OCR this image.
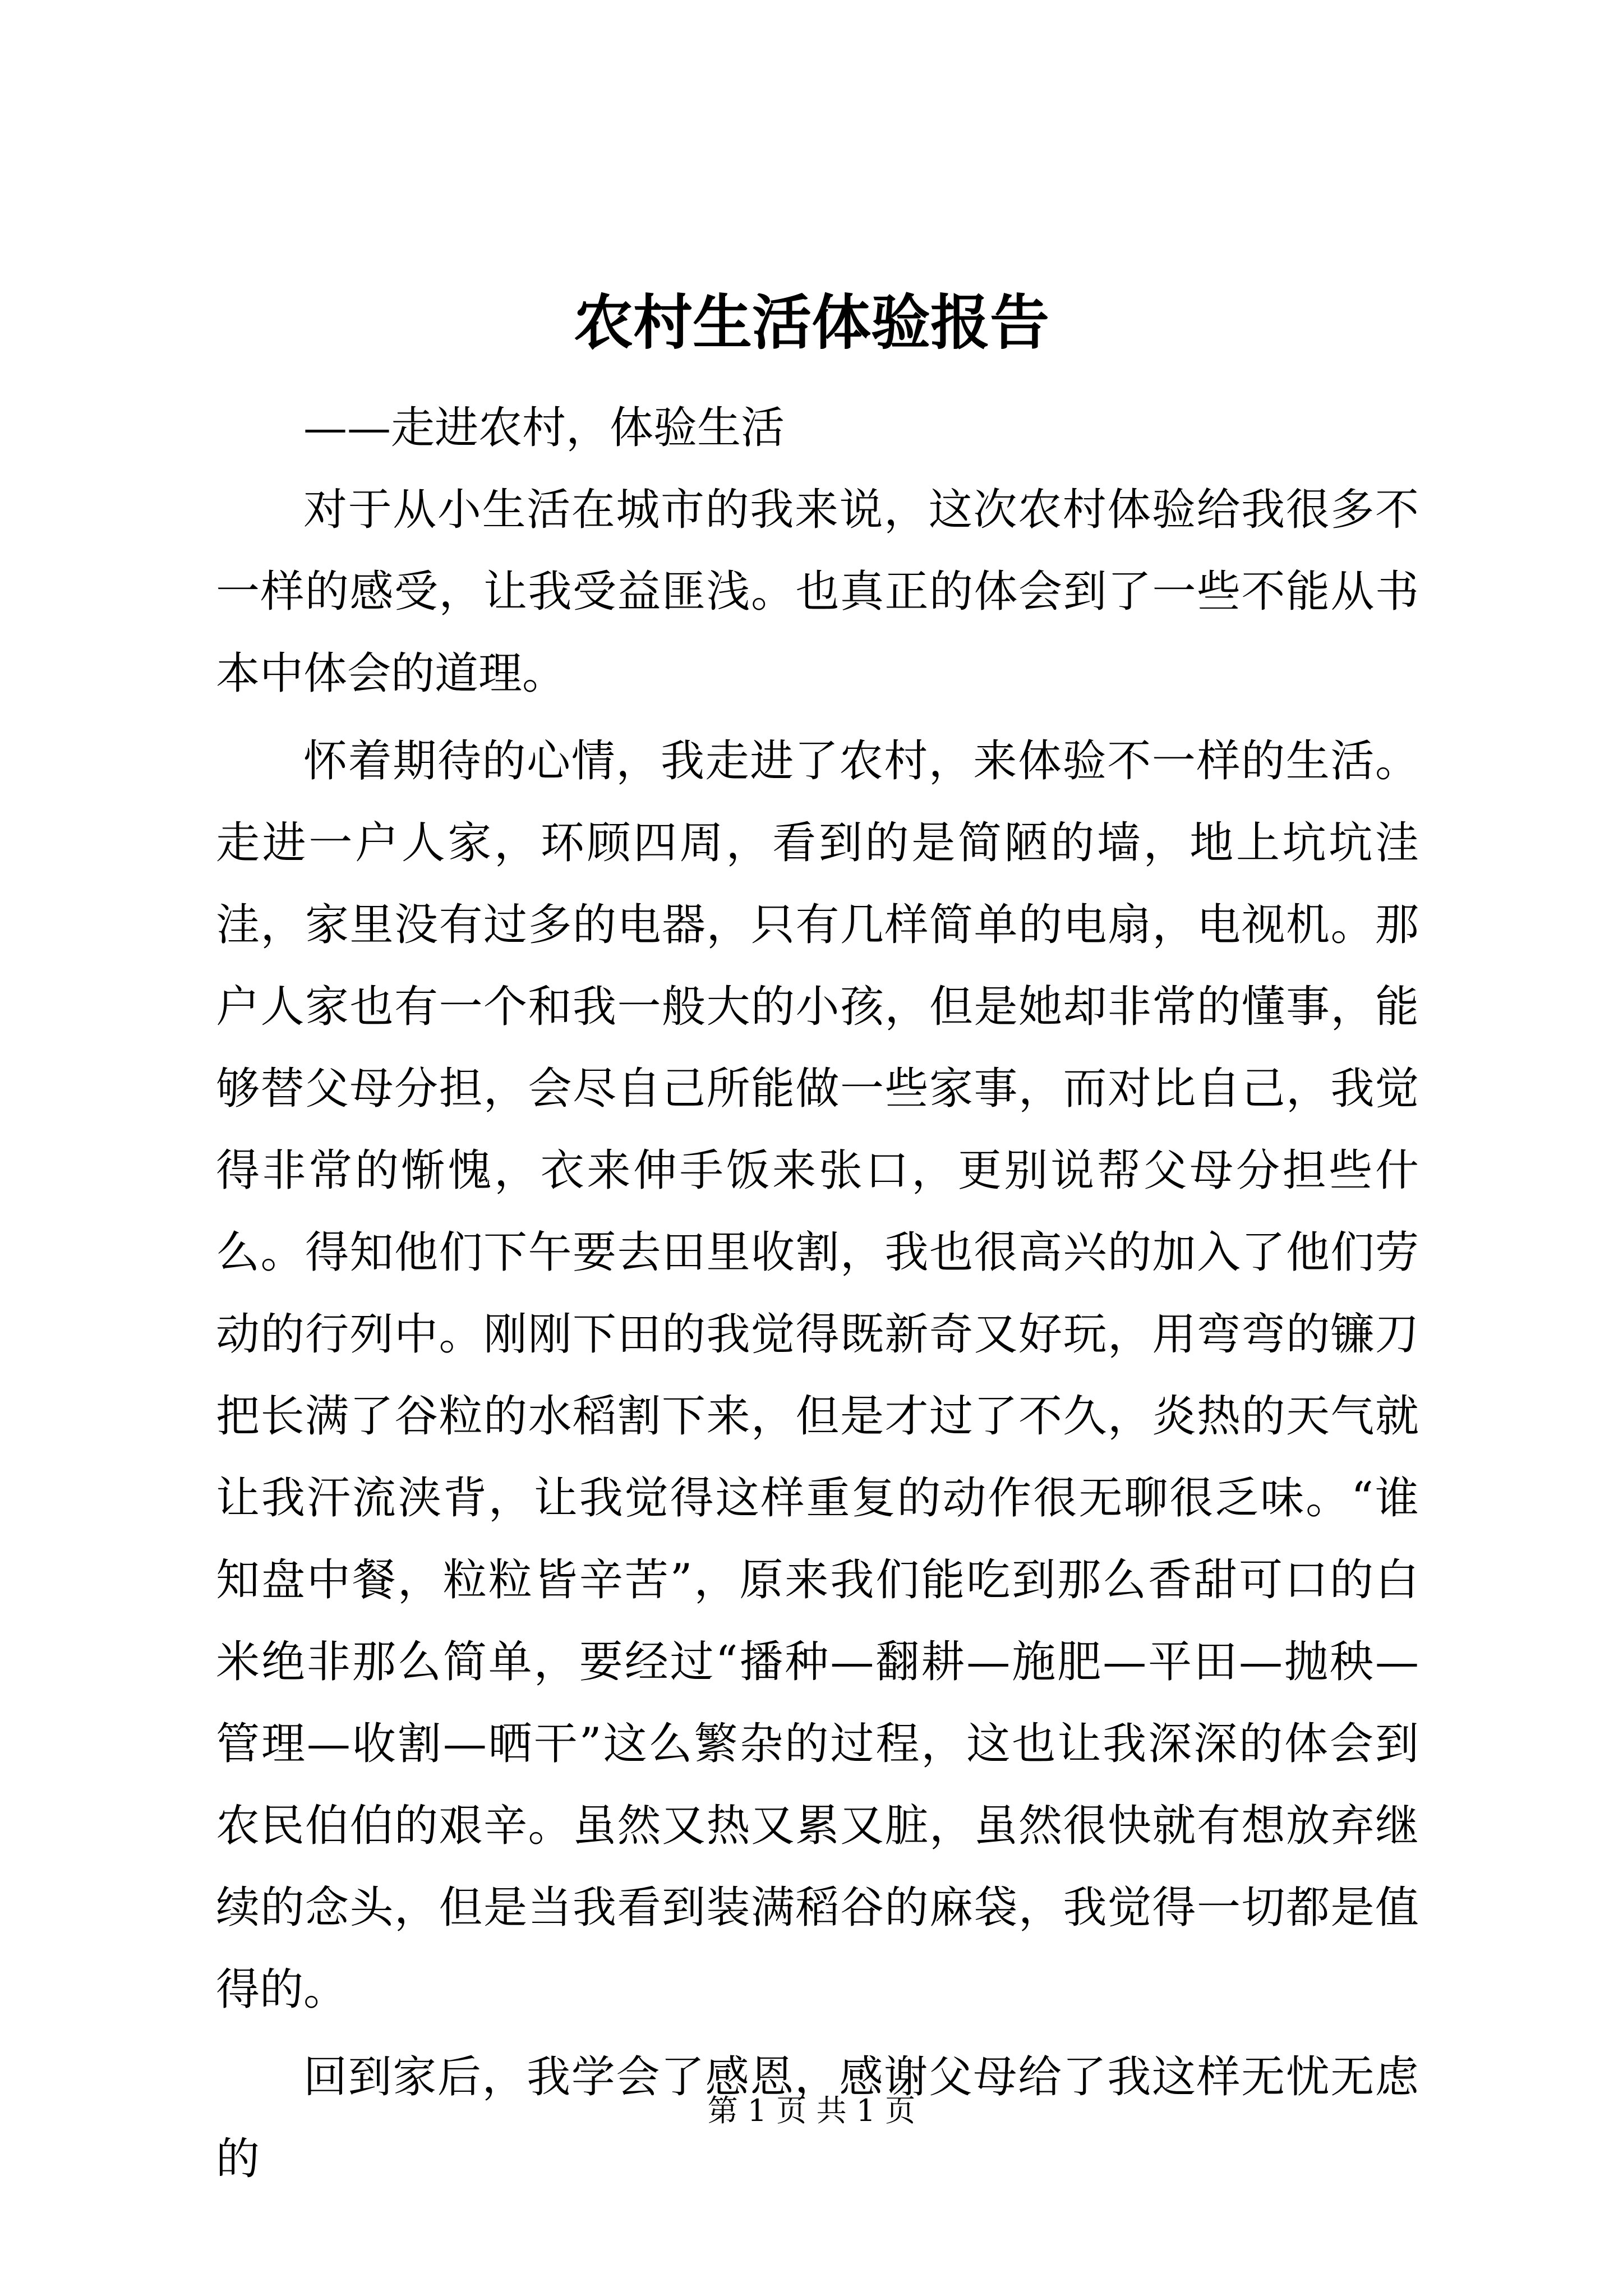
农村生活体验报告

——走进农村，体验生活

对于从小生活在城市的我来说，这次农村体验给我很多不一样的感受，让我受益匪浅。也真正的体会到了一些不能从书本中体会的道理。

怀着期待的心情，我走进了农村，来体验不一样的生活。走进一户人家，环顾四周，看到的是简陋的墙，地上坑坑洼洼，家里没有过多的电器，只有几样简单的电扇，电视机。那户人家也有一个和我一般大的小孩，但是她却非常的懂事，能够替父母分担，会尽自己所能做一些家事，而对比自己，我觉得非常的惭愧，衣来伸手饭来张口，更别说帮父母分担些什么。得知他们下午要去田里收割，我也很高兴的加入了他们劳动的行列中。刚刚下田的我觉得既新奇又好玩，用弯弯的镰刀把长满了谷粒的水稻割下来，但是才过了不久，炎热的天气就让我汗流浃背，让我觉得这样重复的动作很无聊很乏味。“谁知盘中餐，粒粒皆辛苦”，原来我们能吃到那么香甜可口的白米绝非那么简单，要经过“播种—翻耕—施肥—平田—抛秧—管理—收割—晒干”这么繁杂的过程，这也让我深深的体会到农民伯伯的艰辛。虽然又热又累又脏，虽然很快就有想放弃继续的念头，但是当我看到装满稻谷的麻袋，我觉得一切都是值得的。

回到家后，我学会了感恩，感谢父母给了我这样无忧无虑的

第 1 页 共 1 页
